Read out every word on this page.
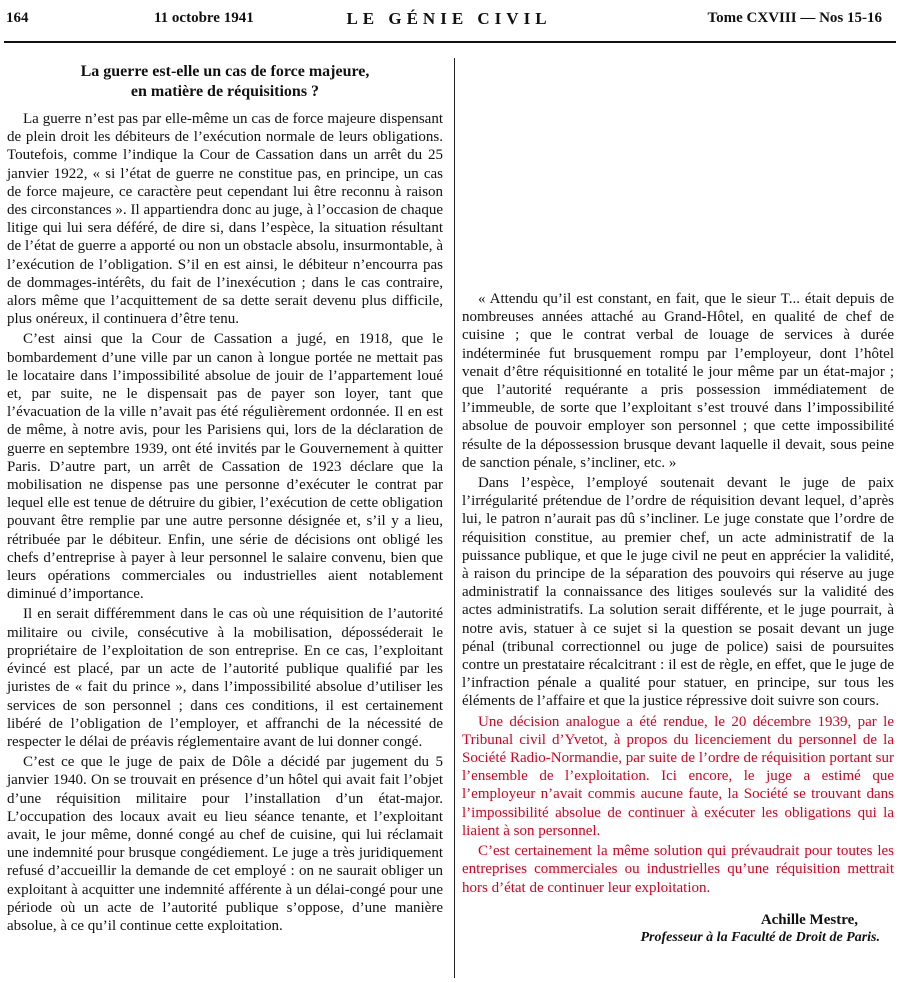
164	11 octobre 1941	LE GÉNIE CIVIL	Tome CXVIII — Nos 15-16
La guerre est-elle un cas de force majeure,
en matière de réquisitions ?

La guerre n’est pas par elle-même un cas de force majeure dispensant de plein droit les débiteurs de l’exécution normale de leurs obligations. Toutefois, comme l’indique la Cour de Cassation dans un arrêt du 25 janvier 1922, « si l’état de guerre ne constitue pas, en principe, un cas de force majeure, ce caractère peut cependant lui être reconnu à raison des circonstances ». Il appartiendra donc au juge, à l’occasion de chaque litige qui lui sera déféré, de dire si, dans l’espèce, la situation résultant de l’état de guerre a apporté ou non un obstacle absolu, insurmontable, à l’exécution de l’obligation. S’il en est ainsi, le débiteur n’encourra pas de dommages-intérêts, du fait de l’inexécution ; dans le cas contraire, alors même que l’acquittement de sa dette serait devenu plus difficile, plus onéreux, il continuera d’être tenu.

C’est ainsi que la Cour de Cassation a jugé, en 1918, que le bombardement d’une ville par un canon à longue portée ne mettait pas le locataire dans l’impossibilité absolue de jouir de l’appartement loué et, par suite, ne le dispensait pas de payer son loyer, tant que l’évacuation de la ville n’avait pas été régulièrement ordonnée. Il en est de même, à notre avis, pour les Parisiens qui, lors de la déclaration de guerre en septembre 1939, ont été invités par le Gouvernement à quitter Paris. D’autre part, un arrêt de Cassation de 1923 déclare que la mobilisation ne dispense pas une personne d’exécuter le contrat par lequel elle est tenue de détruire du gibier, l’exécution de cette obligation pouvant être remplie par une autre personne désignée et, s’il y a lieu, rétribuée par le débiteur. Enfin, une série de décisions ont obligé les chefs d’entreprise à payer à leur personnel le salaire convenu, bien que leurs opérations commerciales ou industrielles aient notablement diminué d’importance.

Il en serait différemment dans le cas où une réquisition de l’autorité militaire ou civile, consécutive à la mobilisation, déposséderait le propriétaire de l’exploitation de son entreprise. En ce cas, l’exploitant évincé est placé, par un acte de l’autorité publique qualifié par les juristes de « fait du prince », dans l’impossibilité absolue d’utiliser les services de son personnel ; dans ces conditions, il est certainement libéré de l’obligation de l’employer, et affranchi de la nécessité de respecter le délai de préavis réglementaire avant de lui donner congé.

C’est ce que le juge de paix de Dôle a décidé par jugement du 5 janvier 1940. On se trouvait en présence d’un hôtel qui avait fait l’objet d’une réquisition militaire pour l’installation d’un état-major. L’occupation des locaux avait eu lieu séance tenante, et l’exploitant avait, le jour même, donné congé au chef de cuisine, qui lui réclamait une indemnité pour brusque congédiement. Le juge a très juridiquement refusé d’accueillir la demande de cet employé : on ne saurait obliger un exploitant à acquitter une indemnité afférente à un délai-congé pour une période où un acte de l’autorité publique s’oppose, d’une manière absolue, à ce qu’il continue cette exploitation.

« Attendu qu’il est constant, en fait, que le sieur T... était depuis de nombreuses années attaché au Grand-Hôtel, en qualité de chef de cuisine ; que le contrat verbal de louage de services à durée indéterminée fut brusquement rompu par l’employeur, dont l’hôtel venait d’être réquisitionné en totalité le jour même par un état-major ; que l’autorité requérante a pris possession immédiatement de l’immeuble, de sorte que l’exploitant s’est trouvé dans l’impossibilité absolue de pouvoir employer son personnel ; que cette impossibilité résulte de la dépossession brusque devant laquelle il devait, sous peine de sanction pénale, s’incliner, etc. »

Dans l’espèce, l’employé soutenait devant le juge de paix l’irrégularité prétendue de l’ordre de réquisition devant lequel, d’après lui, le patron n’aurait pas dû s’incliner. Le juge constate que l’ordre de réquisition constitue, au premier chef, un acte administratif de la puissance publique, et que le juge civil ne peut en apprécier la validité, à raison du principe de la séparation des pouvoirs qui réserve au juge administratif la connaissance des litiges soulevés sur la validité des actes administratifs. La solution serait différente, et le juge pourrait, à notre avis, statuer à ce sujet si la question se posait devant un juge pénal (tribunal correctionnel ou juge de police) saisi de poursuites contre un prestataire récalcitrant : il est de règle, en effet, que le juge de l’infraction pénale a qualité pour statuer, en principe, sur tous les éléments de l’affaire et que la justice répressive doit suivre son cours.

Une décision analogue a été rendue, le 20 décembre 1939, par le Tribunal civil d’Yvetot, à propos du licenciement du personnel de la Société Radio-Normandie, par suite de l’ordre de réquisition portant sur l’ensemble de l’exploitation. Ici encore, le juge a estimé que l’employeur n’avait commis aucune faute, la Société se trouvant dans l’impossibilité absolue de continuer à exécuter les obligations qui la liaient à son personnel.

C’est certainement la même solution qui prévaudrait pour toutes les entreprises commerciales ou industrielles qu’une réquisition mettrait hors d’état de continuer leur exploitation.

Achille Mestre,
Professeur à la Faculté de Droit de Paris.
